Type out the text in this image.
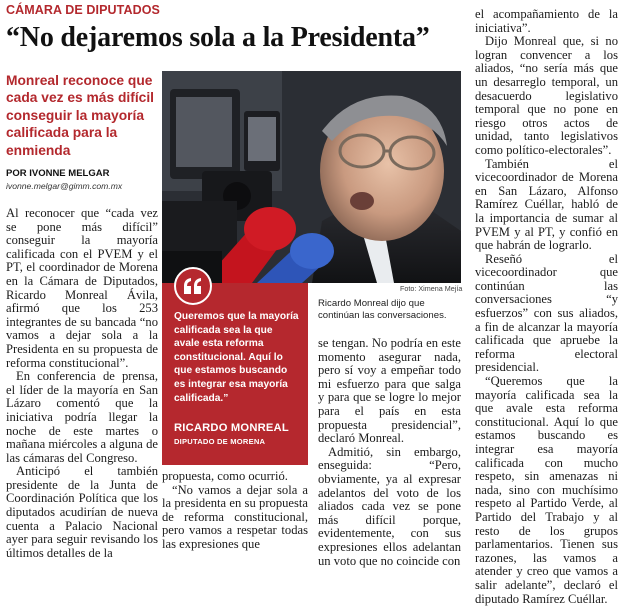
CÁMARA DE DIPUTADOS
“No dejaremos sola a la Presidenta”
Monreal reconoce que cada vez es más difícil conseguir la mayoría calificada para la enmienda
POR IVONNE MELGAR
ivonne.melgar@gimm.com.mx

Al reconocer que “cada vez se pone más difícil” conseguir la mayoría calificada con el PVEM y el PT, el coordinador de Morena en la Cámara de Diputados, Ricardo Monreal Ávila, afirmó que los 253 integrantes de su bancada “no vamos a dejar sola a la Presidenta en su propuesta de reforma constitucional”.

En conferencia de prensa, el líder de la mayoría en San Lázaro comentó que la iniciativa podría llegar la noche de este martes o mañana miércoles a alguna de las cámaras del Congreso.

Anticipó el también presidente de la Junta de Coordinación Política que los diputados acudirían de nueva cuenta a Palacio Nacional ayer para seguir revisando los últimos detalles de la

Foto: Ximena Mejía
Ricardo Monreal dijo que continúan las conversaciones.
Queremos que la mayoría calificada sea la que avale esta reforma constitucional. Aquí lo que estamos buscando es integrar esa mayoría calificada.”
RICARDO MONREAL
DIPUTADO DE MORENA

propuesta, como ocurrió.

“No vamos a dejar sola a la presidenta en su propuesta de reforma constitucional, pero vamos a respetar todas las expresiones que

se tengan. No podría en este momento asegurar nada, pero sí voy a empeñar todo mi esfuerzo para que salga y para que se logre lo mejor para el país en esta propuesta presidencial”, declaró Monreal.

Admitió, sin embargo, enseguida: “Pero, obviamente, ya al expresar adelantos del voto de los aliados cada vez se pone más difícil porque, evidentemente, con sus expresiones ellos adelantan un voto que no coincide con

el acompañamiento de la iniciativa”.

Dijo Monreal que, si no logran convencer a los aliados, “no sería más que un desarreglo temporal, un desacuerdo legislativo temporal que no pone en riesgo otros actos de unidad, tanto legislativos como político-electorales”.

También el vicecoordinador de Morena en San Lázaro, Alfonso Ramírez Cuéllar, habló de la importancia de sumar al PVEM y al PT, y confió en que habrán de lograrlo.

Reseñó el vicecoordinador que continúan las conversaciones “y esfuerzos” con sus aliados, a fin de alcanzar la mayoría calificada que apruebe la reforma electoral presidencial.

“Queremos que la mayoría calificada sea la que avale esta reforma constitucional. Aquí lo que estamos buscando es integrar esa mayoría calificada con mucho respeto, sin amenazas ni nada, sino con muchísimo respeto al Partido Verde, al Partido del Trabajo y al resto de los grupos parlamentarios. Tienen sus razones, las vamos a atender y creo que vamos a salir adelante”, declaró el diputado Ramírez Cuéllar.
